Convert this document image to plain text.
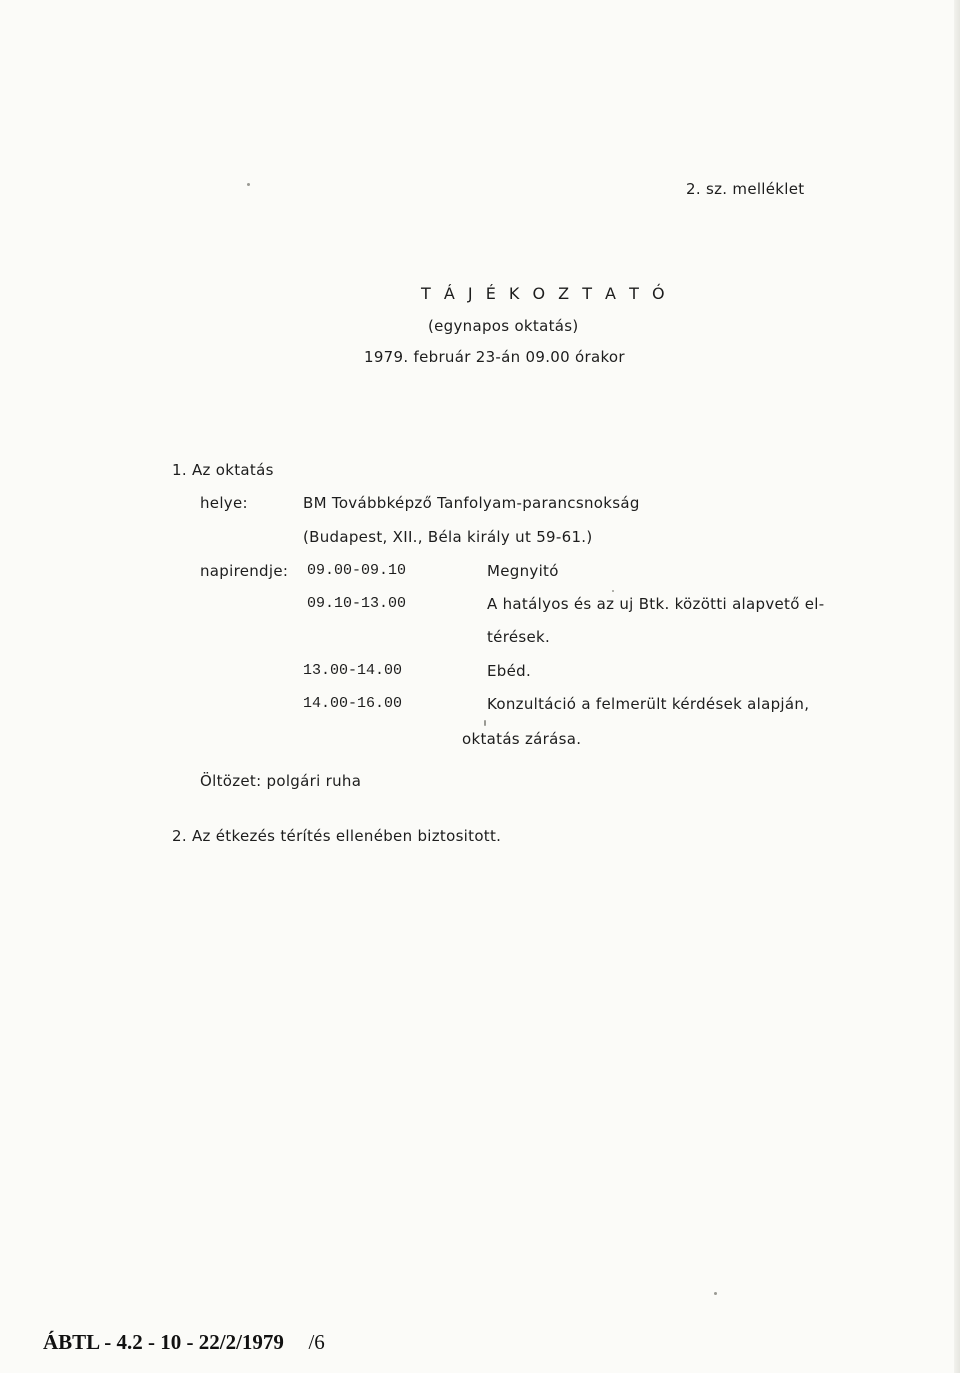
2. sz. melléklet
T Á J É K O Z T A T Ó
(egynapos oktatás)
1979. február 23-án 09.00 órakor
1. Az oktatás
helye:	BM Továbbképző Tanfolyam-parancsnokság
(Budapest, XII., Béla király ut 59-61.)
napirendje: 09.00-09.10	Megnyitó
09.10-13.00	A hatályos és az uj Btk. közötti alapvető el-
térések.
13.00-14.00	Ebéd.
14.00-16.00	Konzultáció a felmerült kérdések alapján,
oktatás zárása.
Öltözet: polgári ruha
2. Az étkezés térítés ellenében biztositott.
ÁBTL - 4.2 - 10 - 22/2/1979 /6
